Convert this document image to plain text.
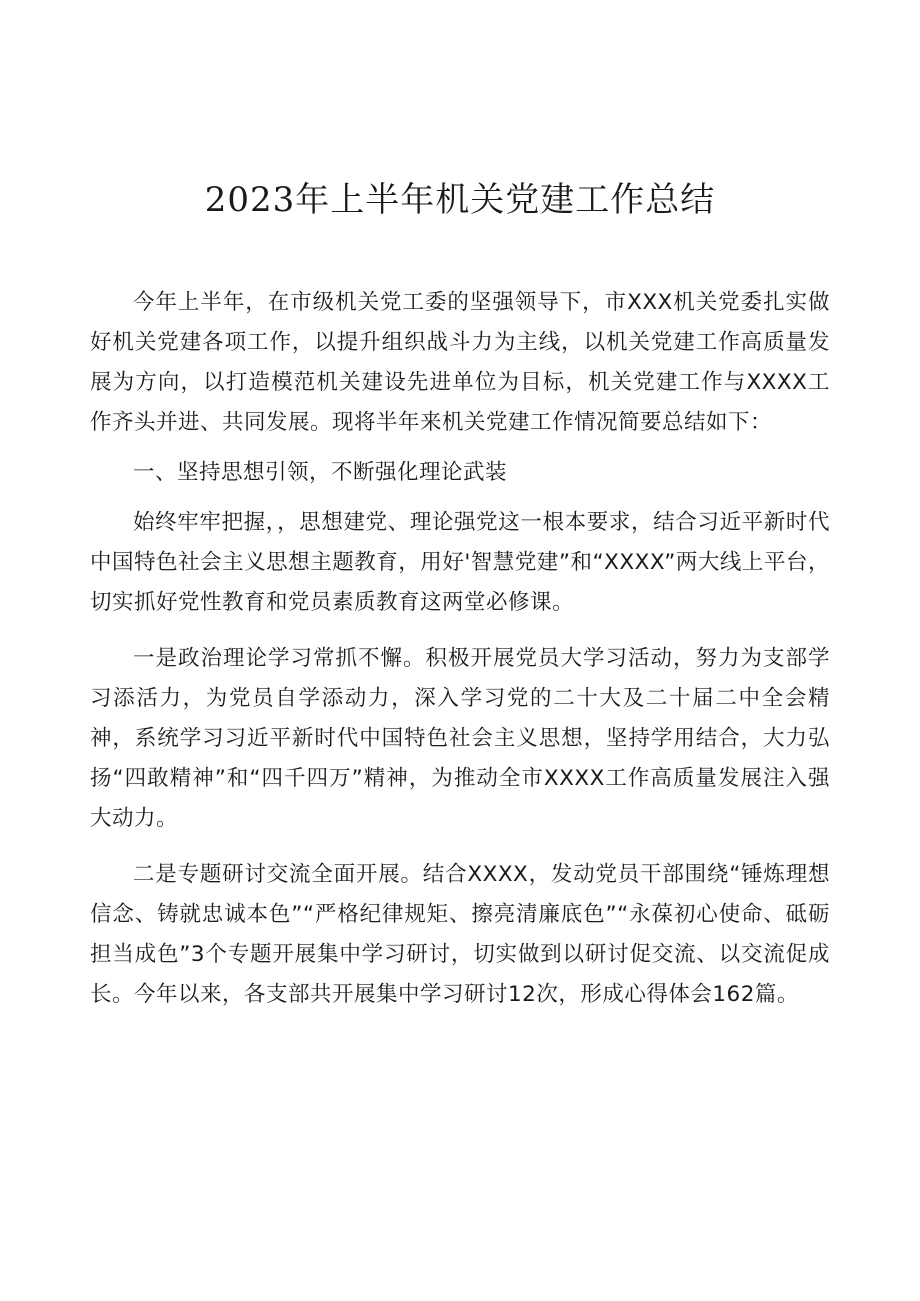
2023年上半年机关党建工作总结

今年上半年，在市级机关党工委的坚强领导下，市XXX机关党委扎实做好机关党建各项工作，以提升组织战斗力为主线，以机关党建工作高质量发展为方向，以打造模范机关建设先进单位为目标，机关党建工作与XXXX工作齐头并进、共同发展。现将半年来机关党建工作情况简要总结如下：

一、坚持思想引领，不断强化理论武装

始终牢牢把握，，思想建党、理论强党这一根本要求，结合习近平新时代中国特色社会主义思想主题教育，用好'智慧党建”和“XXXX”两大线上平台，切实抓好党性教育和党员素质教育这两堂必修课。

一是政治理论学习常抓不懈。积极开展党员大学习活动，努力为支部学习添活力，为党员自学添动力，深入学习党的二十大及二十届二中全会精神，系统学习习近平新时代中国特色社会主义思想，坚持学用结合，大力弘扬“四敢精神”和“四千四万”精神，为推动全市XXXX工作高质量发展注入强大动力。

二是专题研讨交流全面开展。结合XXXX，发动党员干部围绕“锤炼理想信念、铸就忠诚本色”“严格纪律规矩、擦亮清廉底色”“永葆初心使命、砥砺担当成色”3个专题开展集中学习研讨，切实做到以研讨促交流、以交流促成长。今年以来，各支部共开展集中学习研讨12次，形成心得体会162篇。
